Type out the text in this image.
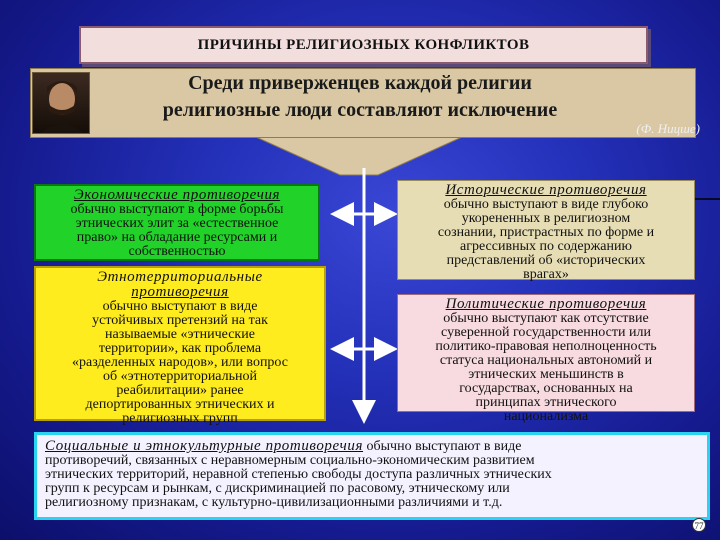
ПРИЧИНЫ РЕЛИГИОЗНЫХ КОНФЛИКТОВ
Среди приверженцев каждой религии
религиозные люди составляют исключение
(Ф. Ницше)
Экономические противоречия
обычно выступают в форме борьбы
этнических элит за «естественное
право» на обладание ресурсами и
собственностью
Этнотерриториальные
противоречия
обычно выступают в виде
устойчивых претензий на так
называемые «этнические
территории», как проблема
«разделенных народов», или вопрос
об «этнотерриториальной
реабилитации» ранее
депортированных этнических и
религиозных групп
Исторические противоречия
обычно выступают в виде глубоко
укорененных в религиозном
сознании, пристрастных по форме и
агрессивных по содержанию
представлений об «исторических
врагах»
Политические противоречия
обычно выступают как отсутствие
суверенной государственности или
политико-правовая неполноценность
статуса национальных автономий и
этнических меньшинств в
государствах, основанных на
принципах этнического
национализма
Социальные и этнокультурные противоречия обычно выступают в виде
противоречий, связанных с неравномерным социально-экономическим развитием
этнических территорий, неравной степенью свободы доступа различных этнических
групп к ресурсам и рынкам, с дискриминацией по расовому, этническому или
религиозному признакам, с культурно-цивилизационными различиями и т.д.
77
